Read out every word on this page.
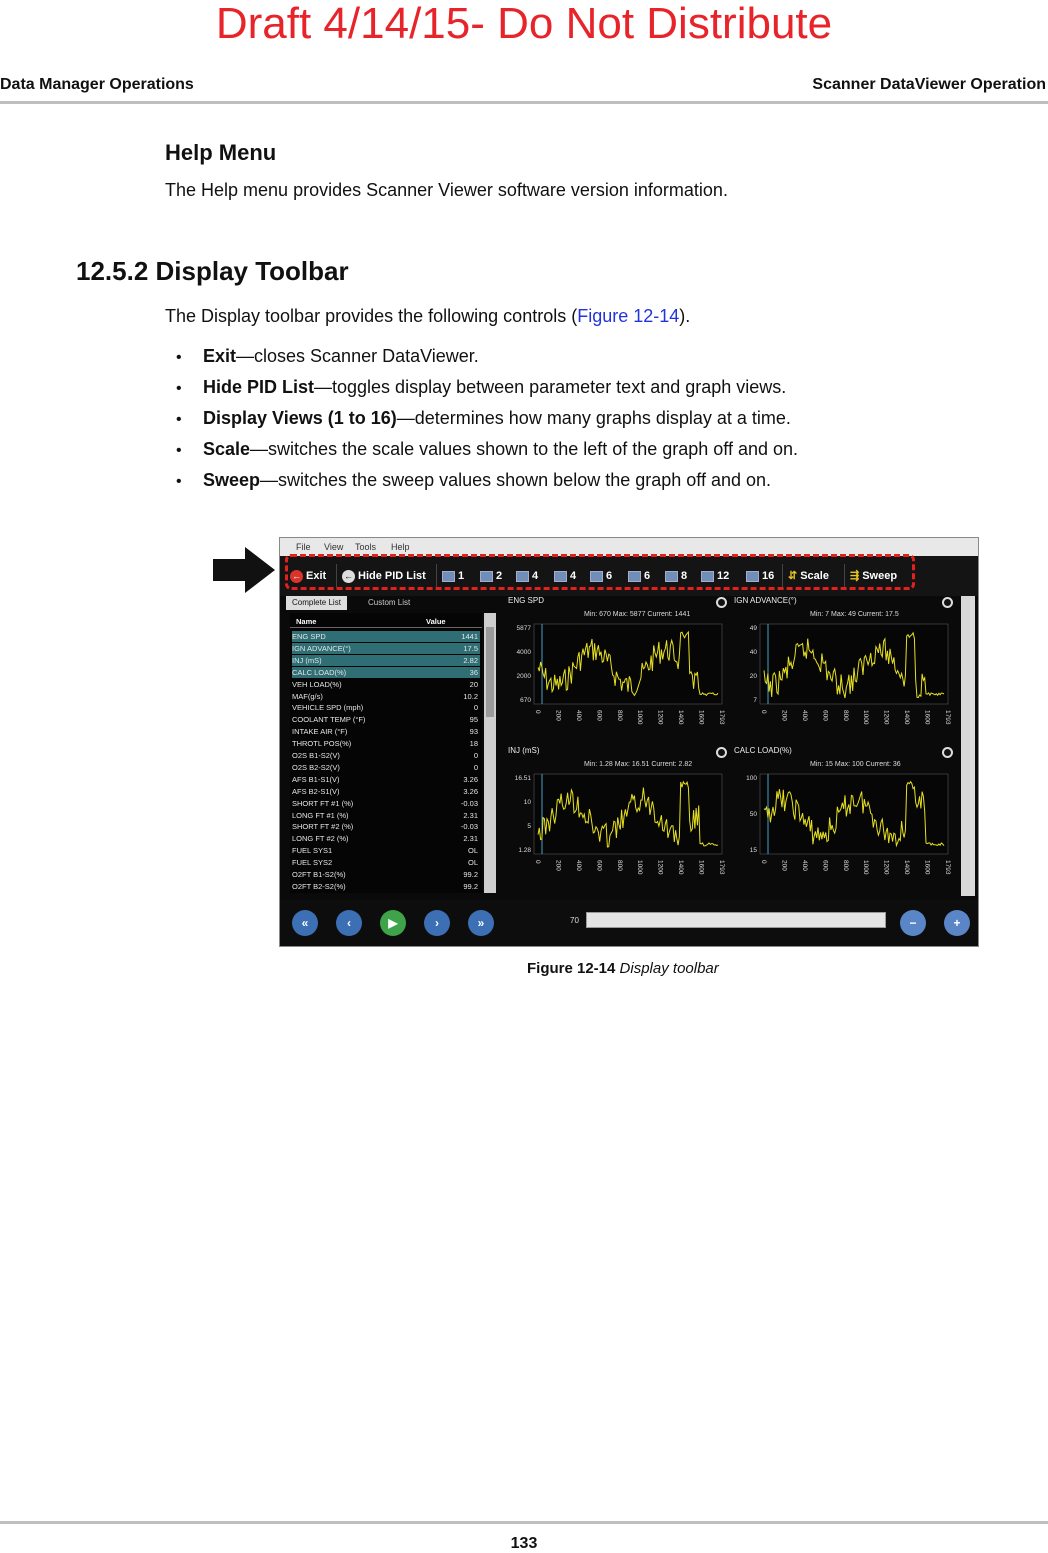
Draft 4/14/15- Do Not Distribute
Data Manager Operations	Scanner DataViewer Operation
Help Menu
The Help menu provides Scanner Viewer software version information.
12.5.2 Display Toolbar
The Display toolbar provides the following controls (Figure 12-14).
• Exit—closes Scanner DataViewer.
• Hide PID List—toggles display between parameter text and graph views.
• Display Views (1 to 16)—determines how many graphs display at a time.
• Scale—switches the scale values shown to the left of the graph off and on.
• Sweep—switches the sweep values shown below the graph off and on.
File View Tools Help
← Exit ← Hide PID List	1	2	4	4	6	6	8	12	16 ⇵ Scale ⇶ Sweep
Complete List	Custom List
Name	Value
ENG SPD	1441
IGN ADVANCE(°)	17.5
INJ (mS)	2.82
CALC LOAD(%)	36
VEH LOAD(%)	20
MAF(g/s)	10.2
VEHICLE SPD (mph)	0
COOLANT TEMP (°F)	95
INTAKE AIR (°F)	93
THROTL POS(%)	18
O2S B1-S2(V)	0
O2S B2-S2(V)	0
AFS B1-S1(V)	3.26
AFS B2-S1(V)	3.26
SHORT FT #1 (%)	-0.03
LONG FT #1 (%)	2.31
SHORT FT #2 (%)	-0.03
LONG FT #2 (%)	2.31
FUEL SYS1	OL
FUEL SYS2	OL
O2FT B1-S2(%)	99.2
O2FT B2-S2(%)	99.2
ENG SPD
Min: 670 Max: 5877 Current: 1441
5877
4000
2000
670
0 200 400 600 800 1000 1200 1400 1600 1793
IGN ADVANCE(°)
Min: 7 Max: 49 Current: 17.5
49
40
20
7
0 200 400 600 800 1000 1200 1400 1600 1793
INJ (mS)
Min: 1.28 Max: 16.51 Current: 2.82
16.51
10
5
1.28
0 200 400 600 800 1000 1200 1400 1600 1793
CALC LOAD(%)
Min: 15 Max: 100 Current: 36
100
50
15
0 200 400 600 800 1000 1200 1400 1600 1793
«	‹	▶	›	»	70	−	+
Figure 12-14 Display toolbar
133
